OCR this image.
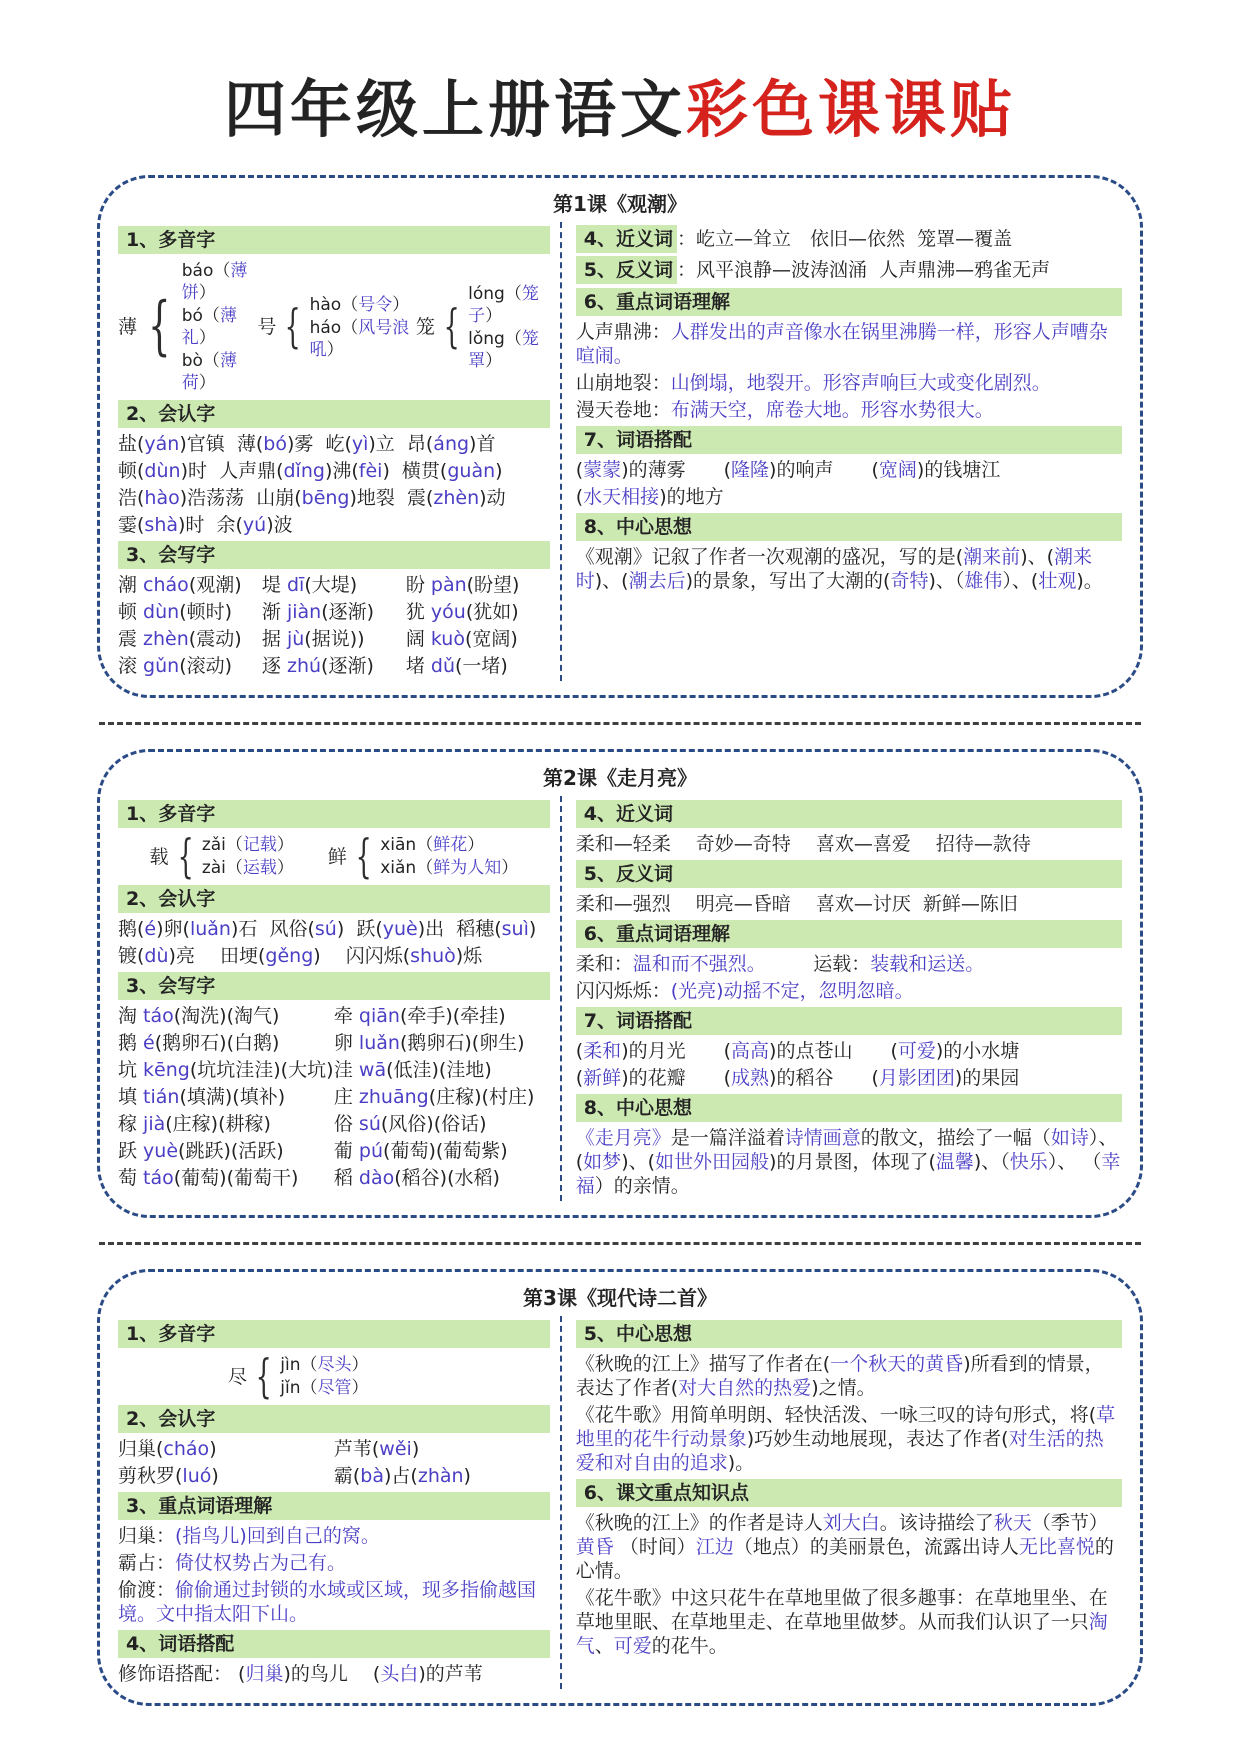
四年级上册语文彩色课课贴
第1课《观潮》
1、多音字
薄 {
báo（薄饼）
bó（薄礼）
bò（薄荷）
号 { hào（号令）
háo（风号浪吼）
笼 {
lóng（笼子）
lǒng（笼罩）
2、会认字
盐(yán)官镇  薄(bó)雾  屹(yì)立  昂(áng)首
顿(dùn)时  人声鼎(dǐng)沸(fèi)  横贯(guàn)
浩(hào)浩荡荡  山崩(bēng)地裂  震(zhèn)动
霎(shà)时  余(yú)波
3、会写字
潮 cháo(观潮)	堤 dī(大堤)	盼 pàn(盼望)
顿 dùn(顿时)	渐 jiàn(逐渐)	犹 yóu(犹如)
震 zhèn(震动)	据 jù(据说))	阔 kuò(宽阔)
滚 gǔn(滚动)	逐 zhú(逐渐)	堵 dǔ(一堵)
4、近义词 ：屹立—耸立　依旧—依然  笼罩—覆盖
5、反义词 ：风平浪静—波涛汹涌  人声鼎沸—鸦雀无声
6、重点词语理解
人声鼎沸：人群发出的声音像水在锅里沸腾一样，形容人声嘈杂喧闹。
山崩地裂：山倒塌，地裂开。形容声响巨大或变化剧烈。
漫天卷地：布满天空，席卷大地。形容水势很大。
7、词语搭配
(蒙蒙)的薄雾　　(隆隆)的响声　　(宽阔)的钱塘江
(水天相接)的地方
8、中心思想
《观潮》记叙了作者一次观潮的盛况，写的是(潮来前)、(潮来时)、(潮去后)的景象，写出了大潮的(奇特)、（雄伟）、(壮观)。
第2课《走月亮》
1、多音字
载 { zǎi（记载）
zài（运载）
鲜 { xiān（鲜花）
xiǎn（鲜为人知）
2、会认字
鹅(é)卵(luǎn)石  风俗(sú)  跃(yuè)出  稻穗(suì)
镀(dù)亮　 田埂(gěng)　 闪闪烁(shuò)烁
3、会写字
淘 táo(淘洗)(淘气)	牵 qiān(牵手)(牵挂)
鹅 é(鹅卵石)(白鹅)	卵 luǎn(鹅卵石)(卵生)
坑 kēng(坑坑洼洼)(大坑) 洼 wā(低洼)(洼地)
填 tián(填满)(填补)	庄 zhuāng(庄稼)(村庄)
稼 jià(庄稼)(耕稼)	俗 sú(风俗)(俗话)
跃 yuè(跳跃)(活跃)	葡 pú(葡萄)(葡萄紫)
萄 táo(葡萄)(葡萄干)	稻 dào(稻谷)(水稻)
4、近义词
柔和—轻柔　 奇妙—奇特　 喜欢—喜爱　 招待—款待
5、反义词
柔和—强烈　 明亮—昏暗　 喜欢—讨厌  新鲜—陈旧
6、重点词语理解
柔和：温和而不强烈。　　　运载：装载和运送。
闪闪烁烁：(光亮)动摇不定，忽明忽暗。
7、词语搭配
(柔和)的月光　　(高高)的点苍山　　(可爱)的小水塘
(新鲜)的花瓣　　(成熟)的稻谷　　(月影团团)的果园
8、中心思想
《走月亮》是一篇洋溢着诗情画意的散文，描绘了一幅（如诗）、(如梦)、(如世外田园般)的月景图，体现了(温馨)、（快乐）、 （幸福）的亲情。
第3课《现代诗二首》
1、多音字
尽 { jìn（尽头）
jǐn（尽管）
2、会认字
归巢(cháo)	芦苇(wěi)
剪秋罗(luó)	霸(bà)占(zhàn)
3、重点词语理解
归巢：(指鸟儿)回到自己的窝。
霸占：倚仗权势占为己有。
偷渡：偷偷通过封锁的水域或区域，现多指偷越国境。文中指太阳下山。
4、词语搭配
修饰语搭配： (归巢)的鸟儿　 (头白)的芦苇
5、中心思想
《秋晚的江上》描写了作者在(一个秋天的黄昏)所看到的情景，表达了作者(对大自然的热爱)之情。
《花牛歌》用简单明朗、轻快活泼、一咏三叹的诗句形式，将(草地里的花牛行动景象)巧妙生动地展现，表达了作者(对生活的热爱和对自由的追求)。
6、课文重点知识点
《秋晚的江上》的作者是诗人刘大白。该诗描绘了秋天（季节）黄昏 （时间）江边（地点）的美丽景色，流露出诗人无比喜悦的心情。
《花牛歌》中这只花牛在草地里做了很多趣事：在草地里坐、在草地里眠、在草地里走、在草地里做梦。从而我们认识了一只淘气、可爱的花牛。
